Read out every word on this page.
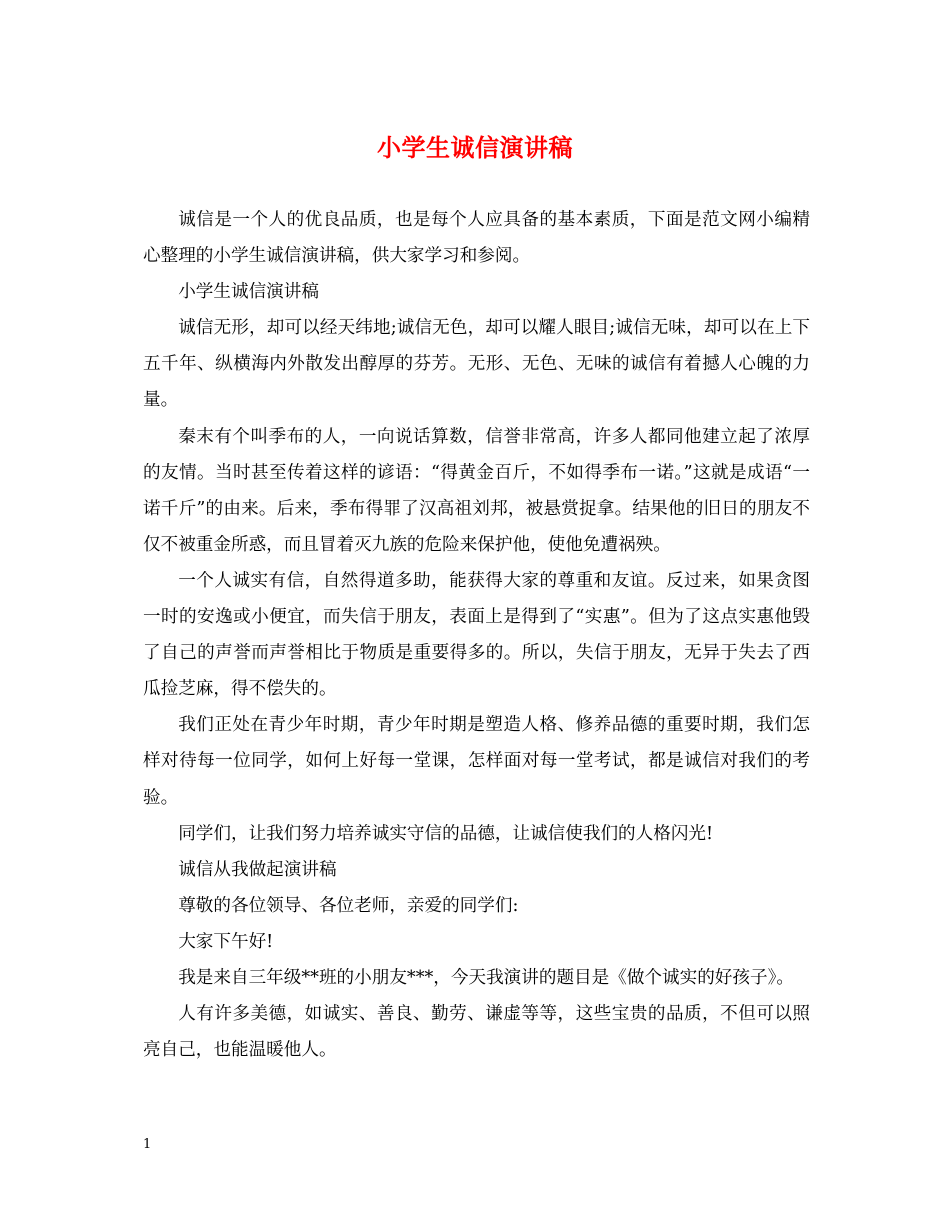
小学生诚信演讲稿

诚信是一个人的优良品质，也是每个人应具备的基本素质，下面是范文网小编精心整理的小学生诚信演讲稿，供大家学习和参阅。

小学生诚信演讲稿

诚信无形，却可以经天纬地;诚信无色，却可以耀人眼目;诚信无味，却可以在上下五千年、纵横海内外散发出醇厚的芬芳。无形、无色、无味的诚信有着撼人心魄的力量。

秦末有个叫季布的人，一向说话算数，信誉非常高，许多人都同他建立起了浓厚的友情。当时甚至传着这样的谚语：“得黄金百斤，不如得季布一诺。”这就是成语“一诺千斤”的由来。后来，季布得罪了汉高祖刘邦，被悬赏捉拿。结果他的旧日的朋友不仅不被重金所惑，而且冒着灭九族的危险来保护他，使他免遭祸殃。

一个人诚实有信，自然得道多助，能获得大家的尊重和友谊。反过来，如果贪图一时的安逸或小便宜，而失信于朋友，表面上是得到了“实惠”。但为了这点实惠他毁了自己的声誉而声誉相比于物质是重要得多的。所以，失信于朋友，无异于失去了西瓜捡芝麻，得不偿失的。

我们正处在青少年时期，青少年时期是塑造人格、修养品德的重要时期，我们怎样对待每一位同学，如何上好每一堂课，怎样面对每一堂考试，都是诚信对我们的考验。

同学们，让我们努力培养诚实守信的品德，让诚信使我们的人格闪光!

诚信从我做起演讲稿

尊敬的各位领导、各位老师，亲爱的同学们:

大家下午好!

我是来自三年级**班的小朋友***，今天我演讲的题目是《做个诚实的好孩子》。

人有许多美德，如诚实、善良、勤劳、谦虚等等，这些宝贵的品质，不但可以照亮自己，也能温暖他人。

1
